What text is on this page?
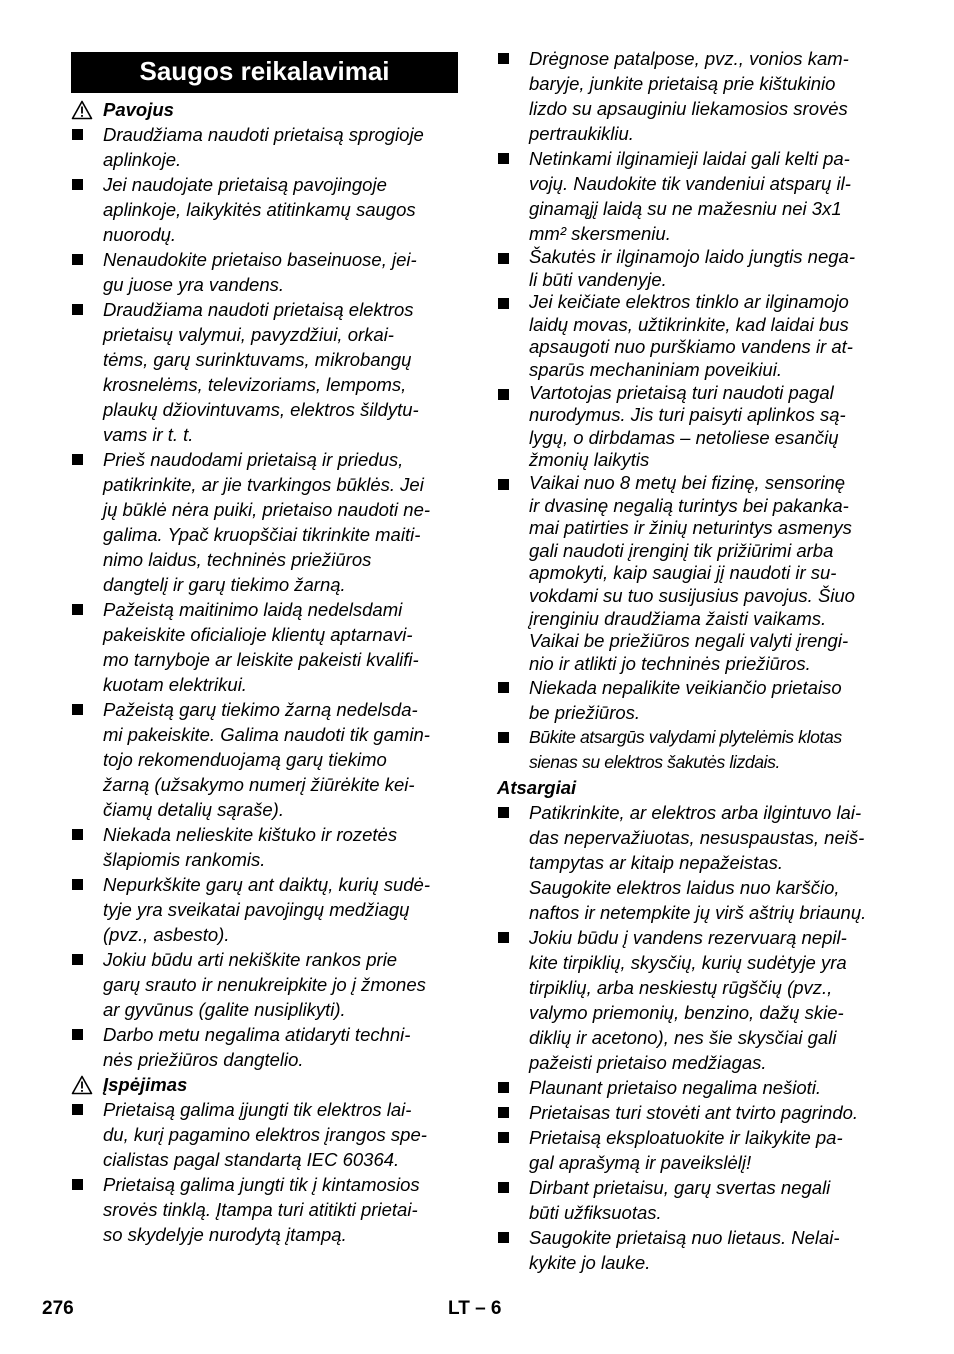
Saugos reikalavimai
Pavojus
Draudžiama naudoti prietaisą sprogioje
aplinkoje.
Jei naudojate prietaisą pavojingoje
aplinkoje, laikykitės atitinkamų saugos
nuorodų.
Nenaudokite prietaiso baseinuose, jei-
gu juose yra vandens.
Draudžiama naudoti prietaisą elektros
prietaisų valymui, pavyzdžiui, orkai-
tėms, garų surinktuvams, mikrobangų
krosnelėms, televizoriams, lempoms,
plaukų džiovintuvams, elektros šildytu-
vams ir t. t.
Prieš naudodami prietaisą ir priedus,
patikrinkite, ar jie tvarkingos būklės. Jei
jų būklė nėra puiki, prietaiso naudoti ne-
galima. Ypač kruopščiai tikrinkite maiti-
nimo laidus, techninės priežiūros
dangtelį ir garų tiekimo žarną.
Pažeistą maitinimo laidą nedelsdami
pakeiskite oficialioje klientų aptarnavi-
mo tarnyboje ar leiskite pakeisti kvalifi-
kuotam elektrikui.
Pažeistą garų tiekimo žarną nedelsda-
mi pakeiskite. Galima naudoti tik gamin-
tojo rekomenduojamą garų tiekimo
žarną (užsakymo numerį žiūrėkite kei-
čiamų detalių sąraše).
Niekada nelieskite kištuko ir rozetės
šlapiomis rankomis.
Nepurkškite garų ant daiktų, kurių sudė-
tyje yra sveikatai pavojingų medžiagų
(pvz., asbesto).
Jokiu būdu arti nekiškite rankos prie
garų srauto ir nenukreipkite jo į žmones
ar gyvūnus (galite nusiplikyti).
Darbo metu negalima atidaryti techni-
nės priežiūros dangtelio.
Įspėjimas
Prietaisą galima įjungti tik elektros lai-
du, kurį pagamino elektros įrangos spe-
cialistas pagal standartą IEC 60364.
Prietaisą galima jungti tik į kintamosios
srovės tinklą. Įtampa turi atitikti prietai-
so skydelyje nurodytą įtampą.
Drėgnose patalpose, pvz., vonios kam-
baryje, junkite prietaisą prie kištukinio
lizdo su apsauginiu liekamosios srovės
pertraukikliu.
Netinkami ilginamieji laidai gali kelti pa-
vojų. Naudokite tik vandeniui atsparų il-
ginamąjį laidą su ne mažesniu nei 3x1
mm² skersmeniu.
Šakutės ir ilginamojo laido jungtis nega-
li būti vandenyje.
Jei keičiate elektros tinklo ar ilginamojo
laidų movas, užtikrinkite, kad laidai bus
apsaugoti nuo purškiamo vandens ir at-
sparūs mechaniniam poveikiui.
Vartotojas prietaisą turi naudoti pagal
nurodymus. Jis turi paisyti aplinkos są-
lygų, o dirbdamas – netoliese esančių
žmonių laikytis
Vaikai nuo 8 metų bei fizinę, sensorinę
ir dvasinę negalią turintys bei pakanka-
mai patirties ir žinių neturintys asmenys
gali naudoti įrenginį tik prižiūrimi arba
apmokyti, kaip saugiai jį naudoti ir su-
vokdami su tuo susijusius pavojus. Šiuo
įrenginiu draudžiama žaisti vaikams.
Vaikai be priežiūros negali valyti įrengi-
nio ir atlikti jo techninės priežiūros.
Niekada nepalikite veikiančio prietaiso
be priežiūros.
Būkite atsargūs valydami plytelėmis klotas
sienas su elektros šakutės lizdais.
Atsargiai
Patikrinkite, ar elektros arba ilgintuvo lai-
das nepervažiuotas, nesuspaustas, neiš-
tampytas ar kitaip nepažeistas.
Saugokite elektros laidus nuo karščio,
naftos ir netempkite jų virš aštrių briaunų.
Jokiu būdu į vandens rezervuarą nepil-
kite tirpiklių, skysčių, kurių sudėtyje yra
tirpiklių, arba neskiestų rūgščių (pvz.,
valymo priemonių, benzino, dažų skie-
diklių ir acetono), nes šie skysčiai gali
pažeisti prietaiso medžiagas.
Plaunant prietaiso negalima nešioti.
Prietaisas turi stovėti ant tvirto pagrindo.
Prietaisą eksploatuokite ir laikykite pa-
gal aprašymą ir paveikslėlį!
Dirbant prietaisu, garų svertas negali
būti užfiksuotas.
Saugokite prietaisą nuo lietaus. Nelai-
kykite jo lauke.
276	LT – 6
